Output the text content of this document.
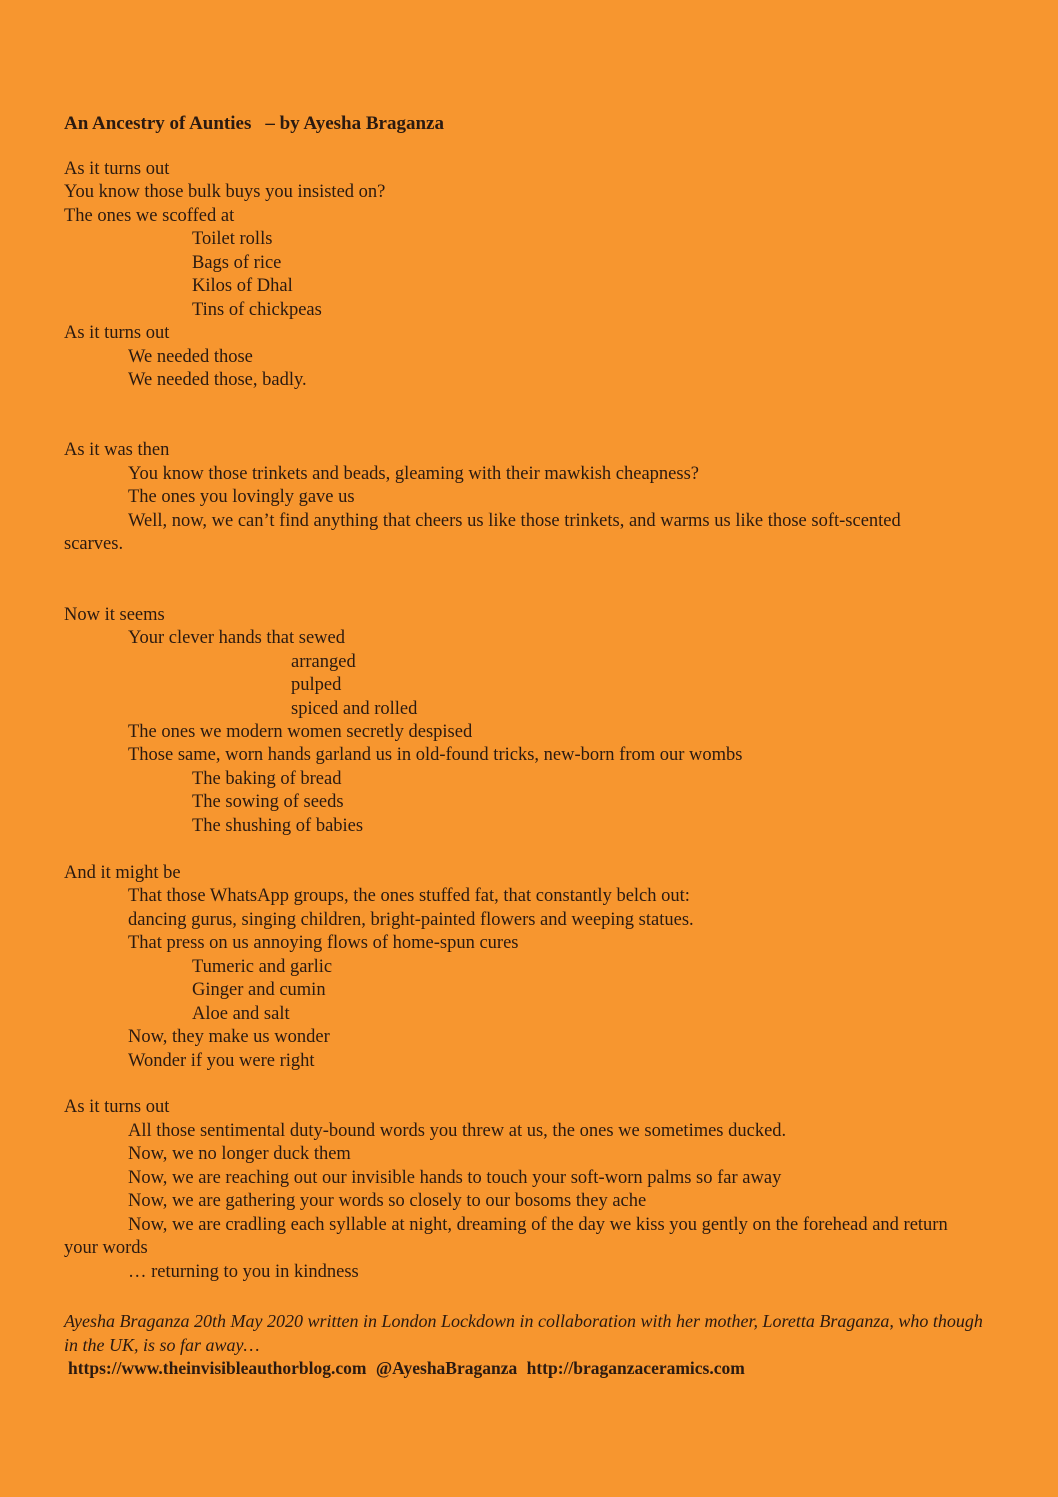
An Ancestry of Aunties – by Ayesha Braganza
As it turns out
You know those bulk buys you insisted on?
The ones we scoffed at
Toilet rolls
Bags of rice
Kilos of Dhal
Tins of chickpeas
As it turns out
We needed those
We needed those, badly.
As it was then
You know those trinkets and beads, gleaming with their mawkish cheapness?
The ones you lovingly gave us
Well, now, we can’t find anything that cheers us like those trinkets, and warms us like those soft-scented
scarves.
Now it seems
Your clever hands that sewed
arranged
pulped
spiced and rolled
The ones we modern women secretly despised
Those same, worn hands garland us in old-found tricks, new-born from our wombs
The baking of bread
The sowing of seeds
The shushing of babies
And it might be
That those WhatsApp groups, the ones stuffed fat, that constantly belch out:
dancing gurus, singing children, bright-painted flowers and weeping statues.
That press on us annoying flows of home-spun cures
Tumeric and garlic
Ginger and cumin
Aloe and salt
Now, they make us wonder
Wonder if you were right
As it turns out
All those sentimental duty-bound words you threw at us, the ones we sometimes ducked.
Now, we no longer duck them
Now, we are reaching out our invisible hands to touch your soft-worn palms so far away
Now, we are gathering your words so closely to our bosoms they ache
Now, we are cradling each syllable at night, dreaming of the day we kiss you gently on the forehead and return
your words
… returning to you in kindness

Ayesha Braganza 20th May 2020 written in London Lockdown in collaboration with her mother, Loretta Braganza, who though in the UK, is so far away…

https://www.theinvisibleauthorblog.com @AyeshaBraganza http://braganzaceramics.com
